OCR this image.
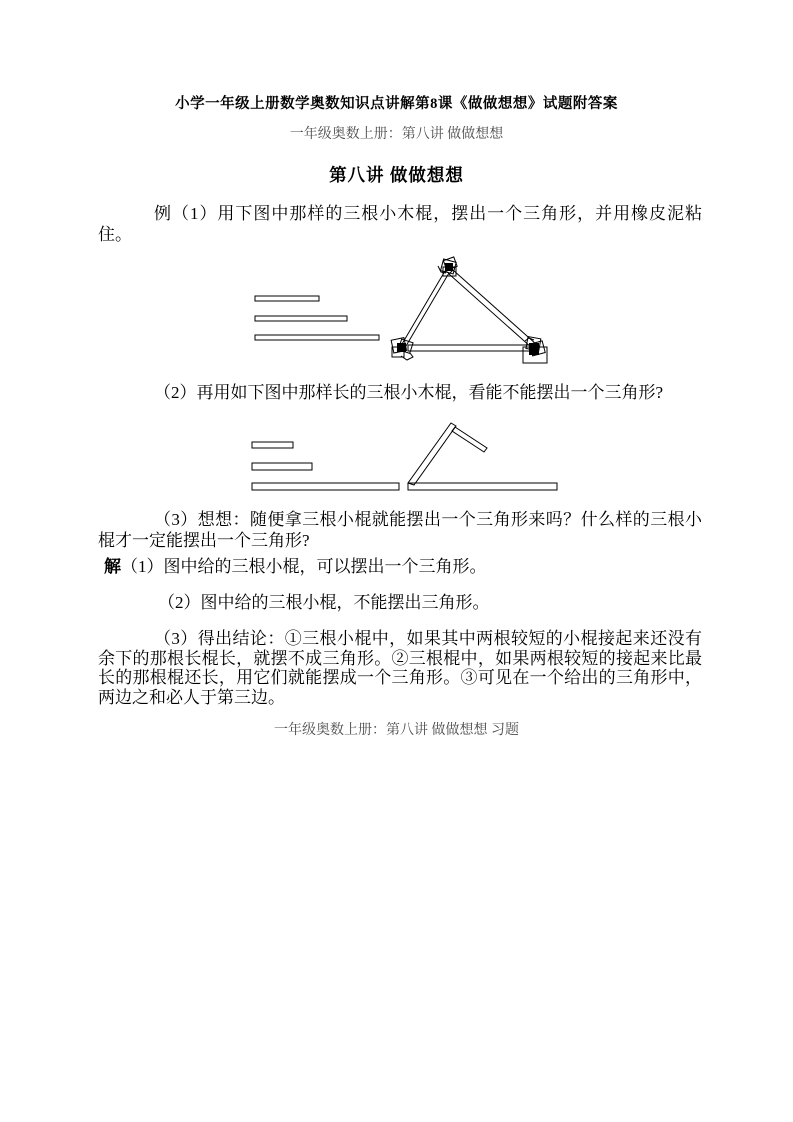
小学一年级上册数学奥数知识点讲解第8课《做做想想》试题附答案
一年级奥数上册：第八讲 做做想想
第八讲 做做想想
例（1）用下图中那样的三根小木棍，摆出一个三角形，并用橡皮泥粘住。
（2）再用如下图中那样长的三根小木棍，看能不能摆出一个三角形?
（3）想想：随便拿三根小棍就能摆出一个三角形来吗？什么样的三根小棍才一定能摆出一个三角形?
解（1）图中给的三根小棍，可以摆出一个三角形。
（2）图中给的三根小棍，不能摆出三角形。
（3）得出结论：①三根小棍中，如果其中两根较短的小棍接起来还没有余下的那根长棍长，就摆不成三角形。②三根棍中，如果两根较短的接起来比最长的那根棍还长，用它们就能摆成一个三角形。③可见在一个给出的三角形中，两边之和必人于第三边。
一年级奥数上册：第八讲 做做想想 习题
